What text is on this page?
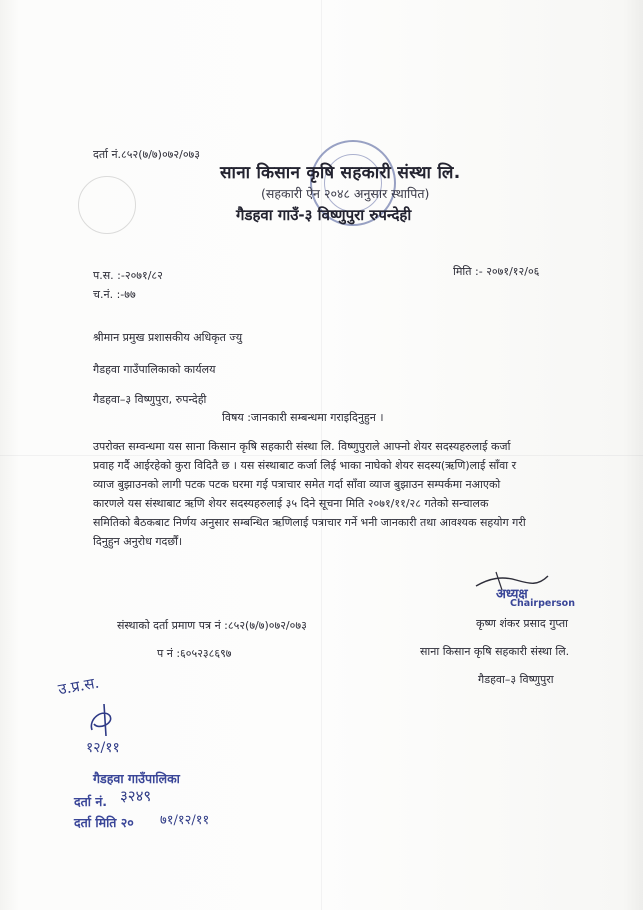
दर्ता नं.८५२(७/७)०७२/०७३
साना किसान कृषि सहकारी संस्था लि.
(सहकारी ऐन २०४८ अनुसार स्थापित)
गैडहवा गाउँ-३ विष्णुपुरा रुपन्देही
प.स. :-२०७१/८२
च.नं. :-७७
मिति :- २०७१/१२/०६
श्रीमान प्रमुख प्रशासकीय अधिकृत ज्यु
गैडहवा गाउँपालिकाको कार्यलय
गैडहवा–३ विष्णुपुरा, रुपन्देही
विषय :जानकारी सम्बन्धमा गराइदिनुहुन ।
उपरोक्त सम्वन्धमा यस साना किसान कृषि सहकारी संस्था लि. विष्णुपुराले आफ्नो शेयर सदस्यहरुलाई कर्जा
प्रवाह गर्दै आईरहेको कुरा विदितै छ । यस संस्थाबाट कर्जा लिई भाका नाघेको शेयर सदस्य(ऋणि)लाई साँवा र
व्याज बुझाउनको लागी पटक पटक घरमा गई पत्राचार समेत गर्दा साँवा व्याज बुझाउन सम्पर्कमा नआएको
कारणले यस संस्थाबाट ऋणि शेयर सदस्यहरुलाई ३५ दिने सूचना मिति २०७१/११/२८ गतेको सन्चालक
समितिको बैठकबाट निर्णय अनुसार सम्बन्धित ऋणिलाई पत्राचार गर्ने भनी जानकारी तथा आवश्यक सहयोग गरी
दिनुहुन अनुरोध गदर्छौं।
अध्यक्ष
Chairperson
कृष्ण शंकर प्रसाद गुप्ता
साना किसान कृषि सहकारी संस्था लि.
गैडहवा–३ विष्णुपुरा
संस्थाको दर्ता प्रमाण पत्र नं :८५२(७/७)०७२/०७३
प नं :६०५२३८६९७
उ.प्र.स.
१२/११
गैडहवा गाउँपालिका
दर्ता नं. ३२४९
दर्ता मिति २० ७१/१२/११
